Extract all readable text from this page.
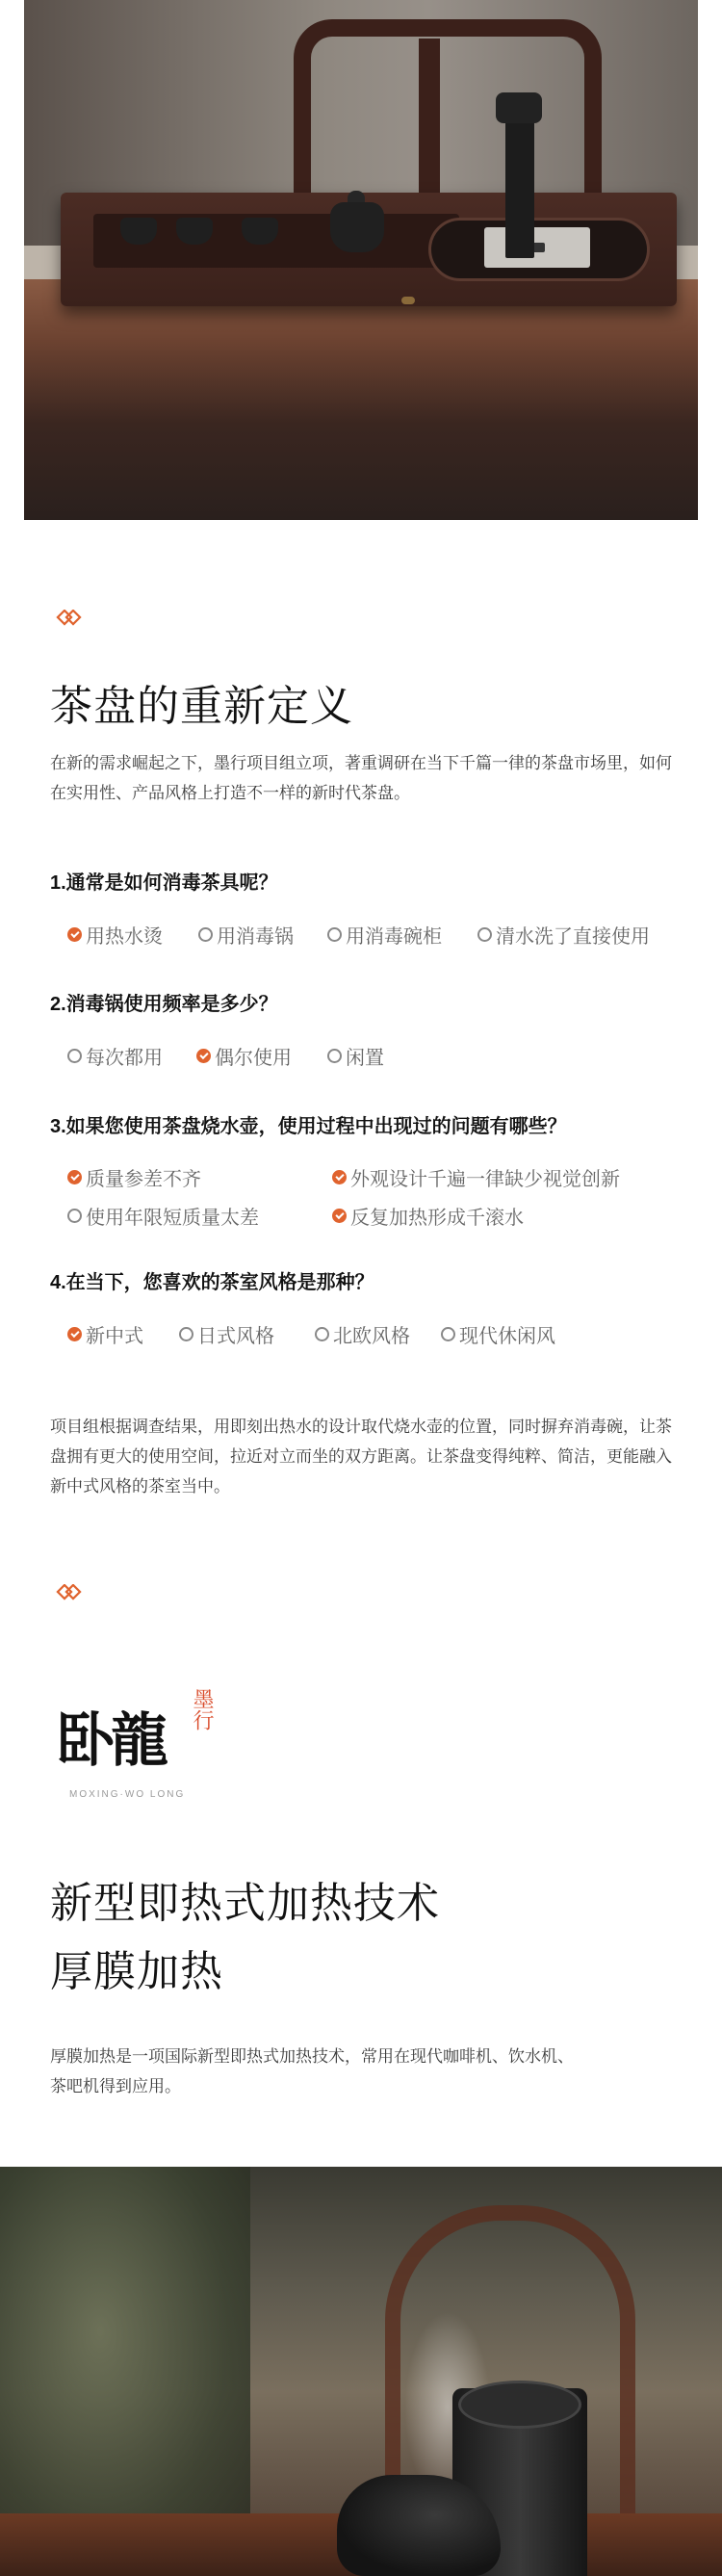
茶盘的重新定义
在新的需求崛起之下，墨行项目组立项，著重调研在当下千篇一律的茶盘市场里，如何在实用性、产品风格上打造不一样的新时代茶盘。
1.通常是如何消毒茶具呢？
用热水烫	用消毒锅	用消毒碗柜	清水洗了直接使用
2.消毒锅使用频率是多少？
每次都用	偶尔使用	闲置
3.如果您使用茶盘烧水壶，使用过程中出现过的问题有哪些？
质量参差不齐	外观设计千遍一律缺少视觉创新
使用年限短质量太差	反复加热形成千滚水
4.在当下，您喜欢的茶室风格是那种？
新中式	日式风格	北欧风格	现代休闲风
项目组根据调查结果，用即刻出热水的设计取代烧水壶的位置，同时摒弃消毒碗，让茶盘拥有更大的使用空间，拉近对立而坐的双方距离。让茶盘变得纯粹、简洁，更能融入新中式风格的茶室当中。
卧龍 墨行
MOXING·WO LONG
新型即热式加热技术
厚膜加热
厚膜加热是一项国际新型即热式加热技术，常用在现代咖啡机、饮水机、茶吧机得到应用。
